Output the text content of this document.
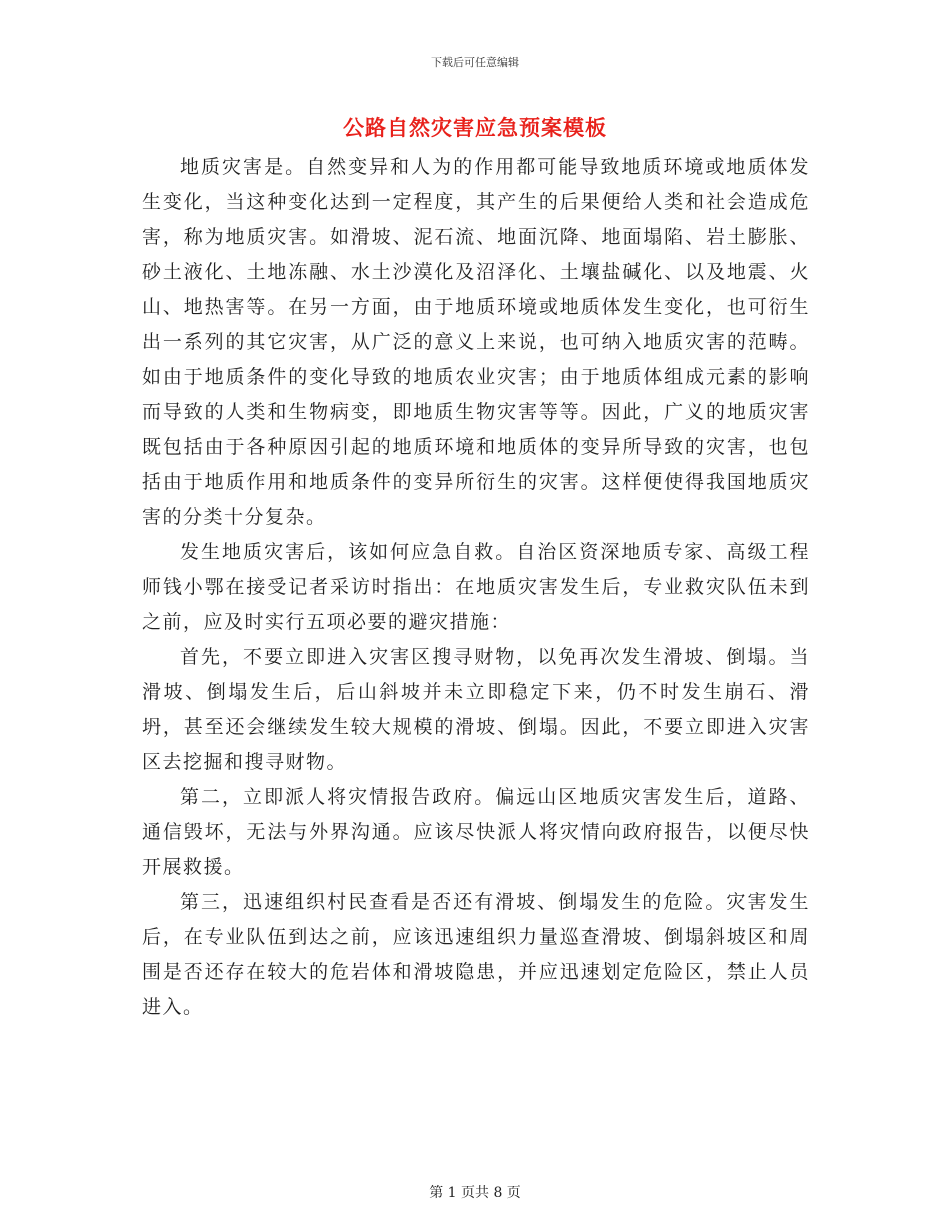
下载后可任意编辑
公路自然灾害应急预案模板

地质灾害是。自然变异和人为的作用都可能导致地质环境或地质体发生变化，当这种变化达到一定程度，其产生的后果便给人类和社会造成危害，称为地质灾害。如滑坡、泥石流、地面沉降、地面塌陷、岩土膨胀、砂土液化、土地冻融、水土沙漠化及沼泽化、土壤盐碱化、以及地震、火山、地热害等。在另一方面，由于地质环境或地质体发生变化，也可衍生出一系列的其它灾害，从广泛的意义上来说，也可纳入地质灾害的范畴。如由于地质条件的变化导致的地质农业灾害；由于地质体组成元素的影响而导致的人类和生物病变，即地质生物灾害等等。因此，广义的地质灾害既包括由于各种原因引起的地质环境和地质体的变异所导致的灾害，也包括由于地质作用和地质条件的变异所衍生的灾害。这样便使得我国地质灾害的分类十分复杂。

发生地质灾害后，该如何应急自救。自治区资深地质专家、高级工程师钱小鄂在接受记者采访时指出：在地质灾害发生后，专业救灾队伍未到之前，应及时实行五项必要的避灾措施：

首先，不要立即进入灾害区搜寻财物，以免再次发生滑坡、倒塌。当滑坡、倒塌发生后，后山斜坡并未立即稳定下来，仍不时发生崩石、滑坍，甚至还会继续发生较大规模的滑坡、倒塌。因此，不要立即进入灾害区去挖掘和搜寻财物。

第二，立即派人将灾情报告政府。偏远山区地质灾害发生后，道路、通信毁坏，无法与外界沟通。应该尽快派人将灾情向政府报告，以便尽快开展救援。

第三，迅速组织村民查看是否还有滑坡、倒塌发生的危险。灾害发生后，在专业队伍到达之前，应该迅速组织力量巡查滑坡、倒塌斜坡区和周围是否还存在较大的危岩体和滑坡隐患，并应迅速划定危险区，禁止人员进入。

第 1 页共 8 页
